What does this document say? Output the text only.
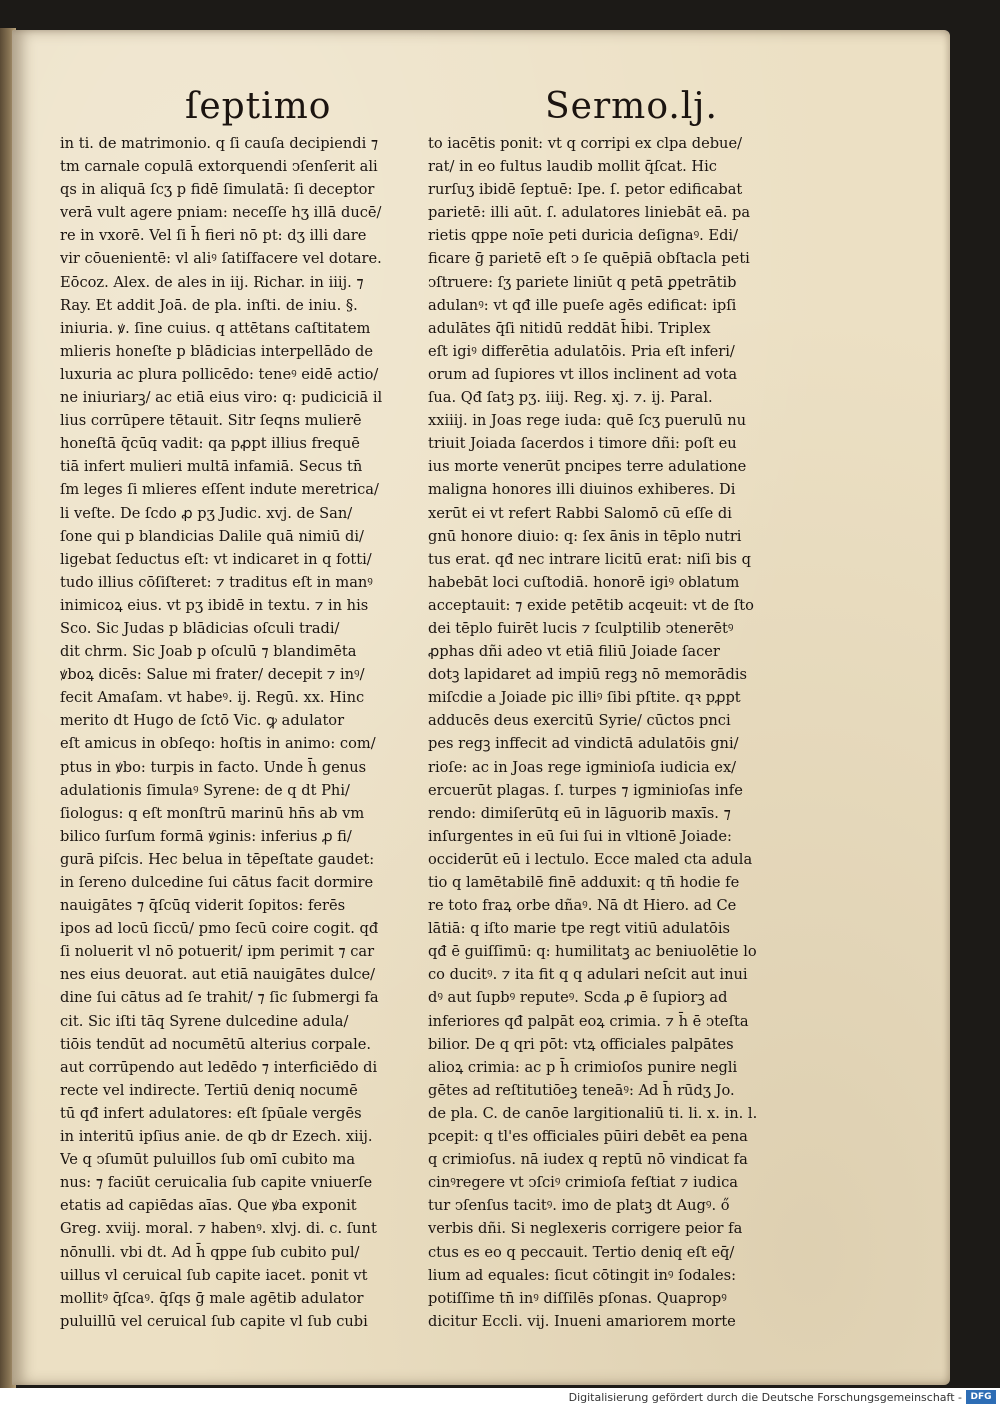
ſeptimo	Sermo.lj.
in ti. de matrimonio. q ſi cauſa decipiendi ⁊
tm carnale copulā extorquendi ↄſenſerit ali
qs in aliquā ſcʒ p fidē ſimulatā: ſi deceptor
verā vult agere pniam: neceſſe hʒ illā ducē/
re in vxorē. Vel ſi h̄ fieri nō pt: dʒ illi dare
vir cōuenientē: vl aliꝰ ſatiſfacere vel dotare.
Eōcoz. Alex. de ales in iij. Richar. in iiij. ⁊
Ray. Et addit Joā. de pla. inſti. de iniu. §.
iniuria. ꝟ. ſine cuius. q attētans caſtitatem
mlieris honeſte p blādicias interpellādo de
luxuria ac plura pollicēdo: teneꝰ eidē actio/
ne iniuriarꝫ/ ac etiā eius viro: q: pudiciciā il
lius corrūpere tētauit. Sitr ſeqns mulierē
honeſtā q̄cūq vadit: qa pꝓpt illius frequē
tiā infert mulieri multā infamiā. Secus tn̄
ſm leges ſi mlieres eſſent indute meretrica/
li veſte. De ſcdo ꝓ pʒ Judic. xvj. de San/
ſone qui p blandicias Dalile quā nimiū di/
ligebat ſeductus eſt: vt indicaret in q fotti/
tudo illius cōſiſteret: ⁊ traditus eſt in manꝰ
inimicoꝝ eius. vt pʒ ibidē in textu. ⁊ in his
Sco. Sic Judas p blādicias oſculi tradi/
dit chrm. Sic Joab p oſculū ⁊ blandimēta
ꝟboꝝ dicēs: Salue mi frater/ decepit ⁊ inꝰ/
fecit Amaſam. vt habeꝰ. ij. Regū. xx. Hinc
merito dt Hugo de ſctō Vic. ꝙ adulator
eſt amicus in obſeqo: hoſtis in animo: com/
ptus in ꝟbo: turpis in facto. Unde h̄ genus
adulationis ſimulaꝰ Syrene: de q dt Phi/
ſiologus: q eſt monſtrū marinū hn̄s ab vm
bilico ſurſum formā ꝟginis: inferius ꝓ fi/
gurā piſcis. Hec belua in tēpeſtate gaudet:
in ſereno dulcedine ſui cātus facit dormire
nauigātes ⁊ q̄ſcūq viderit ſopitos: ferēs
ipos ad locū ſiccū/ pmo ſecū coire cogit. qđ
ſi noluerit vl nō potuerit/ ipm perimit ⁊ car
nes eius deuorat. aut etiā nauigātes dulce/
dine ſui cātus ad ſe trahit/ ⁊ ſic ſubmergi fa
cit. Sic iſti tāq Syrene dulcedine adula/
tiōis tendūt ad nocumētū alterius corpale.
aut corrūpendo aut ledēdo ⁊ interficiēdo di
recte vel indirecte. Tertiū deniq nocumē
tū qđ infert adulatores: eſt ſpūale vergēs
in interitū ipſius anie. de qb dr Ezech. xiij.
Ve q ↄſumūt puluillos ſub omī cubito ma
nus: ⁊ faciūt ceruicalia ſub capite vniuerſe
etatis ad capiēdas aīas. Que ꝟba exponit
Greg. xviij. moral. ⁊ habenꝰ. xlvj. di. c. ſunt
nōnulli. vbi dt. Ad h̄ qppe ſub cubito pul/
uillus vl ceruical ſub capite iacet. ponit vt
mollitꝰ q̄ſcaꝰ. q̄ſqs ḡ male agētib adulator
puluillū vel ceruical ſub capite vl ſub cubi
to iacētis ponit: vt q corripi ex clpa debue/
rat/ in eo fultus laudib mollit q̄ſcat. Hic
rurſuʒ ibidē ſeptuē: Ipe. ſ. petor edificabat
parietē: illi aūt. ſ. adulatores liniebāt eā. pa
rietis qppe noīe peti duricia deſignaꝰ. Edi/
ficare ḡ parietē eſt ↄ ſe quēpiā obſtacla peti
ↄſtruere: ſʒ pariete liniūt q petā ꝑpetrātib
adulanꝰ: vt qđ ille pueſe agēs edificat: ipſi
adulātes q̄ſi nitidū reddāt h̄ibi. Triplex
eſt igiꝰ differētia adulatōis. Pria eſt inferi/
orum ad ſupiores vt illos inclinent ad vota
ſua. Qđ ſatꝫ pʒ. iiij. Reg. xj. ⁊. ij. Paral.
xxiiij. in Joas rege iuda: quē ſcʒ puerulū nu
triuit Joiada ſacerdos i timore dñi: poſt eu
ius morte venerūt pncipes terre adulatione
maligna honores illi diuinos exhiberes. Di
xerūt ei vt refert Rabbi Salomō cū eſſe di
gnū honore diuio: q: ſex ānis in tēplo nutri
tus erat. qđ nec intrare licitū erat: niſi bis q
habebāt loci cuſtodiā. honorē igiꝰ oblatum
acceptauit: ⁊ exide petētib acqeuit: vt de ſto
dei tēplo fuirēt lucis ⁊ ſculptilib ↄtenerētꝰ
ꝓphas dñi adeo vt etiā filiū Joiade ſacer
dotꝫ lapidaret ad impiū regꝫ nō memorādis
miſcdie a Joiade pic illiꝰ ſibi pſtite. qꝛ pꝓpt
adducēs deus exercitū Syrie/ cūctos pnci
pes regꝫ inffecit ad vindictā adulatōis gni/
rioſe: ac in Joas rege igminioſa iudicia ex/
ercuerūt plagas. ſ. turpes ⁊ igminioſas infe
rendo: dimiſerūtq eū in lāguorib maxīs. ⁊
inſurgentes in eū ſui ſui in vltionē Joiade:
occiderūt eū i lectulo. Ecce maled cta adula
tio q lamētabilē finē adduxit: q tn̄ hodie fe
re toto fraꝝ orbe dñaꝰ. Nā dt Hiero. ad Ce
lātiā: q iſto marie tpe regt vitiū adulatōis
qđ ē guiſſimū: q: humilitatꝫ ac beniuolētie lo
co ducitꝰ. ⁊ ita fit q q adulari neſcit aut inui
dꝰ aut ſupbꝰ reputeꝰ. Scda ꝓ ē ſupiorꝫ ad
inferiores qđ palpāt eoꝝ crimia. ⁊ h̄ ē ↄteſta
bilior. De q qri pōt: vtꝝ officiales palpātes
alioꝝ crimia: ac p h̄ crimioſos punire negli
gētes ad reſtitutiōeꝫ teneāꝰ: Ad h̄ rūdʒ Jo.
de pla. C. de canōe largitionaliū ti. li. x. in. l.
pcepit: q tl'es officiales pūiri debēt ea pena
q crimioſus. nā iudex q reptū nō vindicat fa
cinꝰregere vt ↄſciꝰ crimioſa feſtiat ⁊ iudica
tur ↄſenſus tacitꝰ. imo de platꝫ dt Augꝰ. ő
verbis dñi. Si neglexeris corrigere peior fa
ctus es eo q peccauit. Tertio deniq eſt eq̄/
lium ad equales: ſicut cōtingit inꝰ ſodales:
potiſſime tn̄ inꝰ diſſilēs pſonas. Quapropꝰ
dicitur Eccli. vij. Inueni amariorem morte
Digitalisierung gefördert durch die Deutsche Forschungsgemeinschaft - DFG
